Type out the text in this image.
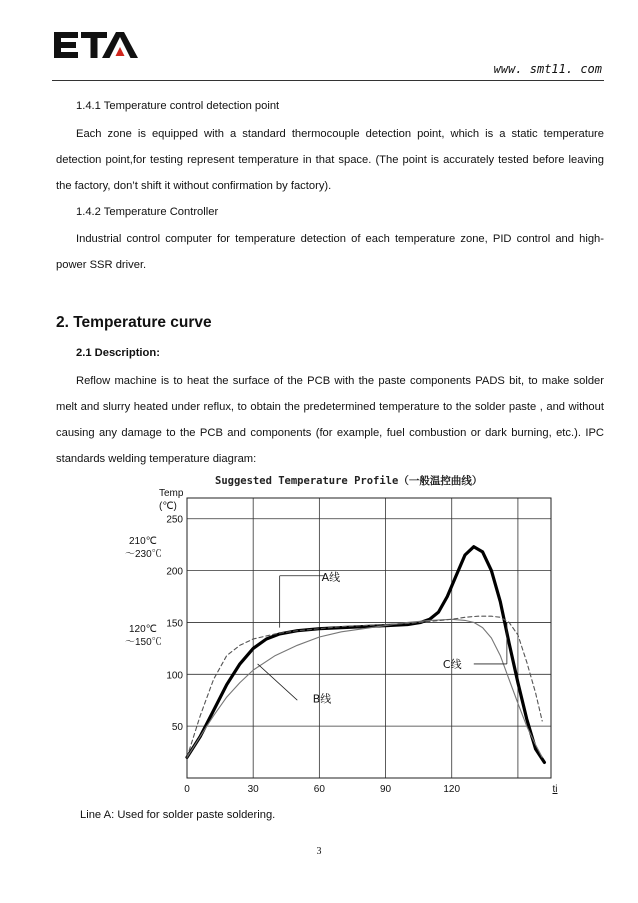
www. smt11. com
1.4.1 Temperature control detection point
Each zone is equipped with a standard thermocouple detection point, which is a static temperature detection point,for testing represent temperature in that space. (The point is accurately tested before leaving the factory, don’t shift it without confirmation by factory).
1.4.2 Temperature Controller
Industrial control computer for temperature detection of each temperature zone, PID control and high-power SSR driver.
2. Temperature curve
2.1 Description:
Reflow machine is to heat the surface of the PCB with the paste components PADS bit, to make solder melt and slurry heated under reflux, to obtain the predetermined temperature to the solder paste , and without causing any damage to the PCB and components (for example, fuel combustion or dark burning, etc.). IPC standards welding temperature diagram:
Suggested Temperature Profile（一般温控曲线）
Temp
(℃)
250
200
150
100
50
210℃
～230℃
120℃
～150℃
0	30	60	90	120	ti
A线
B线
C线
Line A: Used for solder paste soldering.
3
